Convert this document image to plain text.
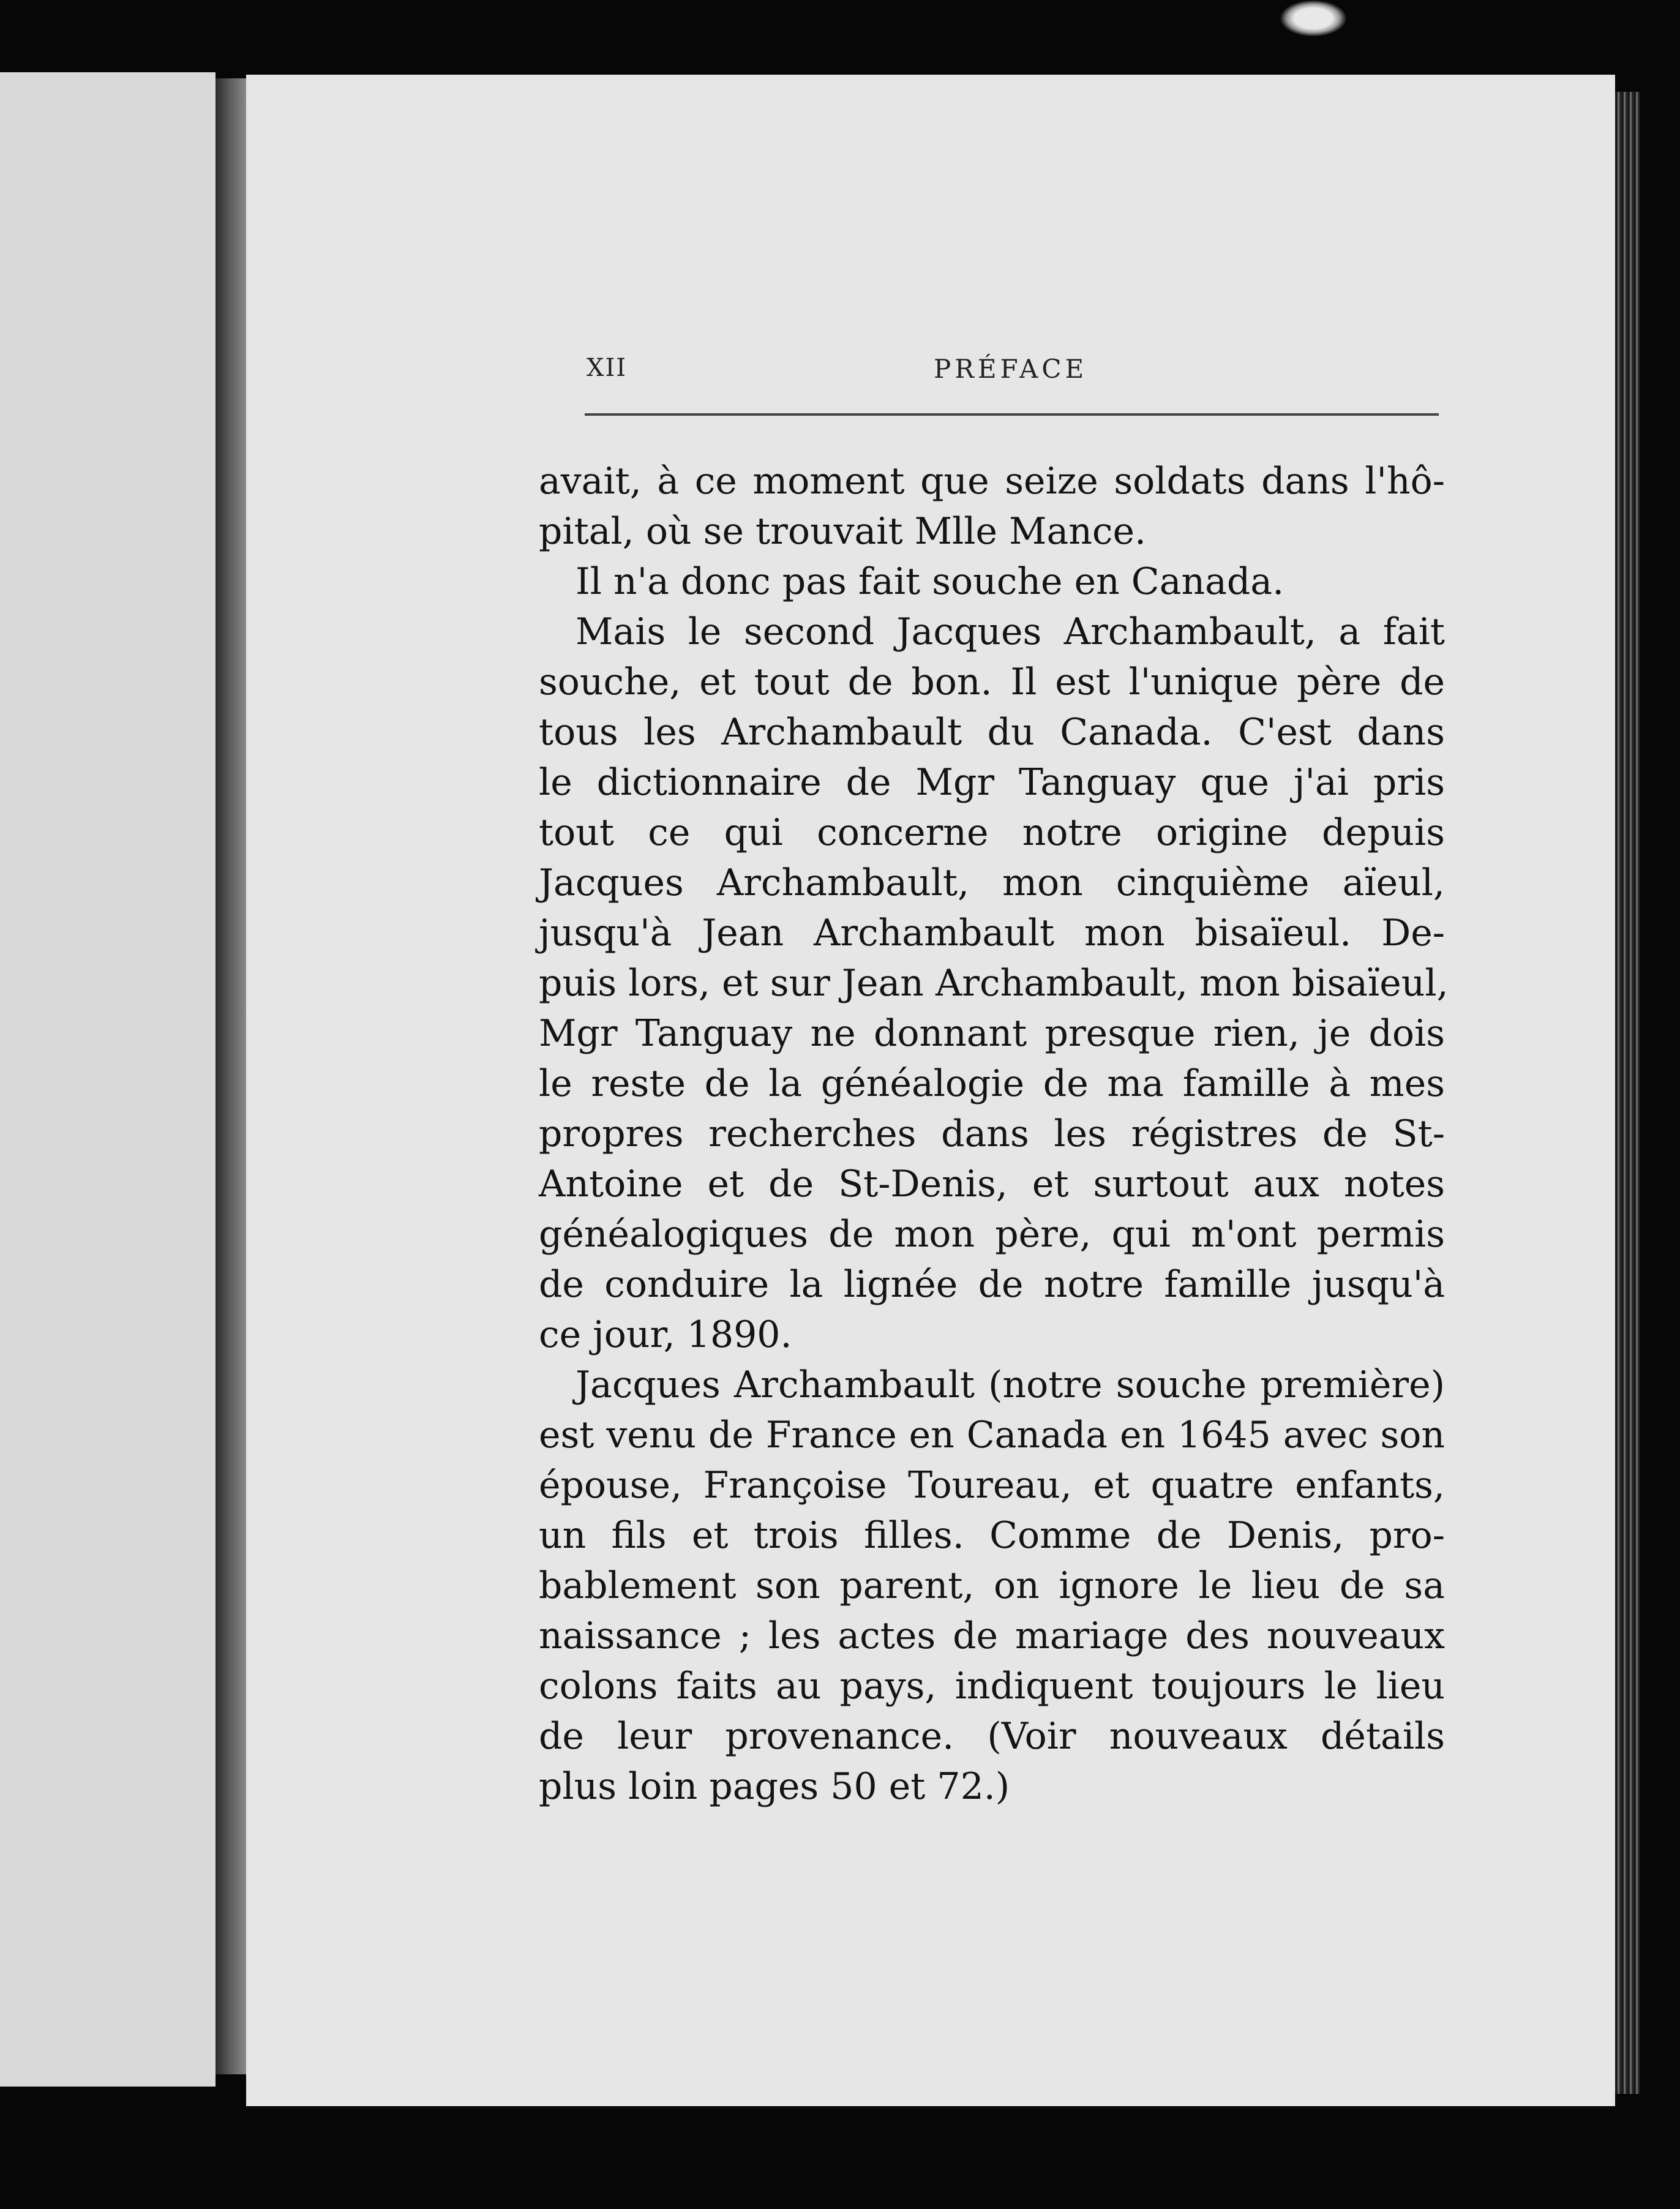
XII	PRÉFACE
avait, à ce moment que seize soldats dans l'hô-
pital, où se trouvait Mlle Mance.
Il n'a donc pas fait souche en Canada.
Mais le second Jacques Archambault, a fait
souche, et tout de bon. Il est l'unique père de
tous les Archambault du Canada. C'est dans
le dictionnaire de Mgr Tanguay que j'ai pris
tout ce qui concerne notre origine depuis
Jacques Archambault, mon cinquième aïeul,
jusqu'à Jean Archambault mon bisaïeul. De-
puis lors, et sur Jean Archambault, mon bisaïeul,
Mgr Tanguay ne donnant presque rien, je dois
le reste de la généalogie de ma famille à mes
propres recherches dans les régistres de St-
Antoine et de St-Denis, et surtout aux notes
généalogiques de mon père, qui m'ont permis
de conduire la lignée de notre famille jusqu'à
ce jour, 1890.
Jacques Archambault (notre souche première)
est venu de France en Canada en 1645 avec son
épouse, Françoise Toureau, et quatre enfants,
un fils et trois filles. Comme de Denis, pro-
bablement son parent, on ignore le lieu de sa
naissance ; les actes de mariage des nouveaux
colons faits au pays, indiquent toujours le lieu
de leur provenance. (Voir nouveaux détails
plus loin pages 50 et 72.)
